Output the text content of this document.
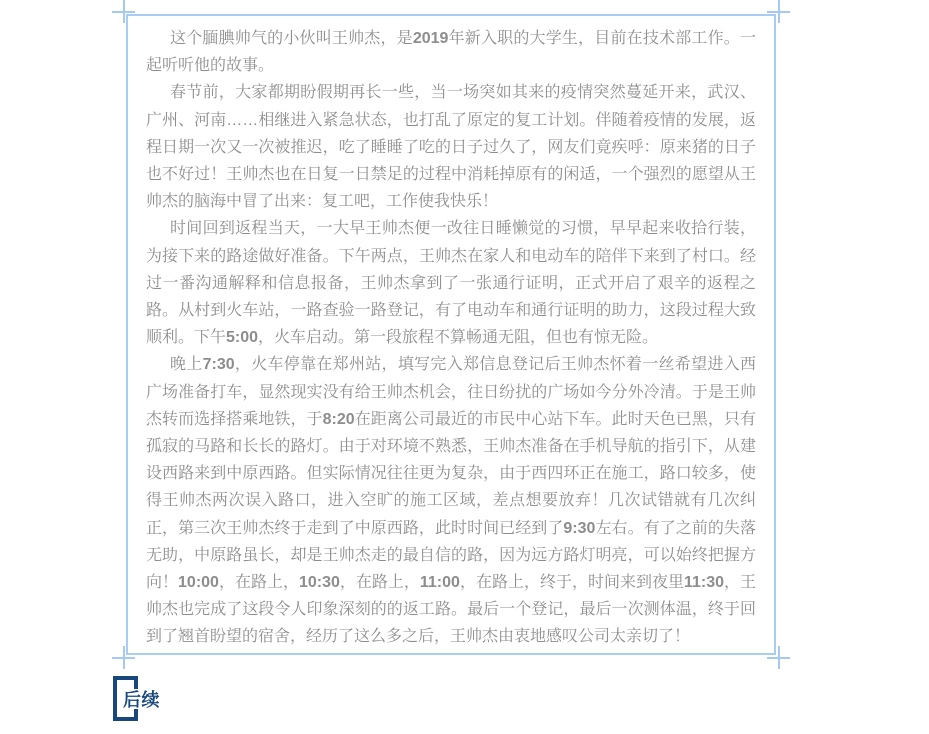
这个腼腆帅气的小伙叫王帅杰，是2019年新入职的大学生，目前在技术部工作。一起听听他的故事。

春节前，大家都期盼假期再长一些，当一场突如其来的疫情突然蔓延开来，武汉、广州、河南……相继进入紧急状态，也打乱了原定的复工计划。伴随着疫情的发展，返程日期一次又一次被推迟，吃了睡睡了吃的日子过久了，网友们竟疾呼：原来猪的日子也不好过！王帅杰也在日复一日禁足的过程中消耗掉原有的闲适，一个强烈的愿望从王帅杰的脑海中冒了出来：复工吧，工作使我快乐！

时间回到返程当天，一大早王帅杰便一改往日睡懒觉的习惯，早早起来收拾行装，为接下来的路途做好准备。下午两点，王帅杰在家人和电动车的陪伴下来到了村口。经过一番沟通解释和信息报备，王帅杰拿到了一张通行证明，正式开启了艰辛的返程之路。从村到火车站，一路查验一路登记，有了电动车和通行证明的助力，这段过程大致顺利。下午5:00，火车启动。第一段旅程不算畅通无阻，但也有惊无险。

晚上7:30，火车停靠在郑州站，填写完入郑信息登记后王帅杰怀着一丝希望进入西广场准备打车，显然现实没有给王帅杰机会，往日纷扰的广场如今分外冷清。于是王帅杰转而选择搭乘地铁，于8:20在距离公司最近的市民中心站下车。此时天色已黑，只有孤寂的马路和长长的路灯。由于对环境不熟悉，王帅杰准备在手机导航的指引下，从建设西路来到中原西路。但实际情况往往更为复杂，由于西四环正在施工，路口较多，使得王帅杰两次误入路口，进入空旷的施工区域，差点想要放弃！几次试错就有几次纠正，第三次王帅杰终于走到了中原西路，此时时间已经到了9:30左右。有了之前的失落无助，中原路虽长，却是王帅杰走的最自信的路，因为远方路灯明亮，可以始终把握方向！10:00，在路上，10:30，在路上，11:00，在路上，终于，时间来到夜里11:30，王帅杰也完成了这段令人印象深刻的的返工路。最后一个登记，最后一次测体温，终于回到了翘首盼望的宿舍，经历了这么多之后，王帅杰由衷地感叹公司太亲切了！

后续
